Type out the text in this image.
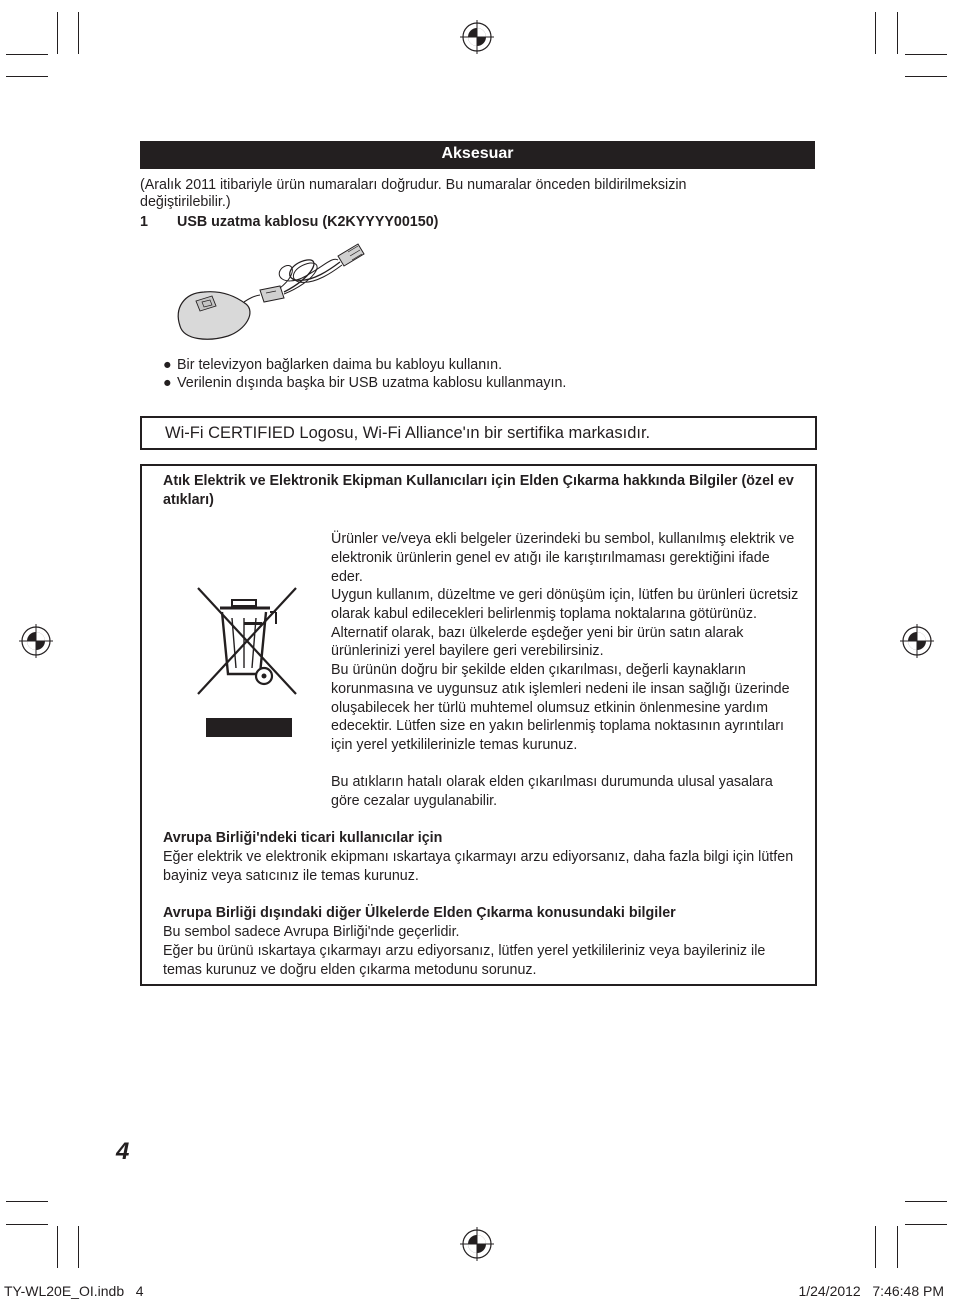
Aksesuar
(Aralık 2011 itibariyle ürün numaraları doğrudur. Bu numaralar önceden bildirilmeksizin değiştirilebilir.)
1 USB uzatma kablosu (K2KYYYY00150)
● Bir televizyon bağlarken daima bu kabloyu kullanın.
● Verilenin dışında başka bir USB uzatma kablosu kullanmayın.
Wi-Fi CERTIFIED Logosu, Wi-Fi Alliance'ın bir sertifika markasıdır.
Atık Elektrik ve Elektronik Ekipman Kullanıcıları için Elden Çıkarma hakkında Bilgiler (özel ev atıkları)
Ürünler ve/veya ekli belgeler üzerindeki bu sembol, kullanılmış elektrik ve elektronik ürünlerin genel ev atığı ile karıştırılmaması gerektiğini ifade eder.
Uygun kullanım, düzeltme ve geri dönüşüm için, lütfen bu ürünleri ücretsiz olarak kabul edilecekleri belirlenmiş toplama noktalarına götürünüz. Alternatif olarak, bazı ülkelerde eşdeğer yeni bir ürün satın alarak ürünlerinizi yerel bayilere geri verebilirsiniz.
Bu ürünün doğru bir şekilde elden çıkarılması, değerli kaynakların korunmasına ve uygunsuz atık işlemleri nedeni ile insan sağlığı üzerinde oluşabilecek her türlü muhtemel olumsuz etkinin önlenmesine yardım edecektir. Lütfen size en yakın belirlenmiş toplama noktasının ayrıntıları için yerel yetkililerinizle temas kurunuz.
Bu atıkların hatalı olarak elden çıkarılması durumunda ulusal yasalara göre cezalar uygulanabilir.
Avrupa Birliği'ndeki ticari kullanıcılar için
Eğer elektrik ve elektronik ekipmanı ıskartaya çıkarmayı arzu ediyorsanız, daha fazla bilgi için lütfen bayiniz veya satıcınız ile temas kurunuz.
Avrupa Birliği dışındaki diğer Ülkelerde Elden Çıkarma konusundaki bilgiler
Bu sembol sadece Avrupa Birliği'nde geçerlidir.
Eğer bu ürünü ıskartaya çıkarmayı arzu ediyorsanız, lütfen yerel yetkilileriniz veya bayileriniz ile temas kurunuz ve doğru elden çıkarma metodunu sorunuz.
4
TY-WL20E_OI.indb   4	1/24/2012   7:46:48 PM
